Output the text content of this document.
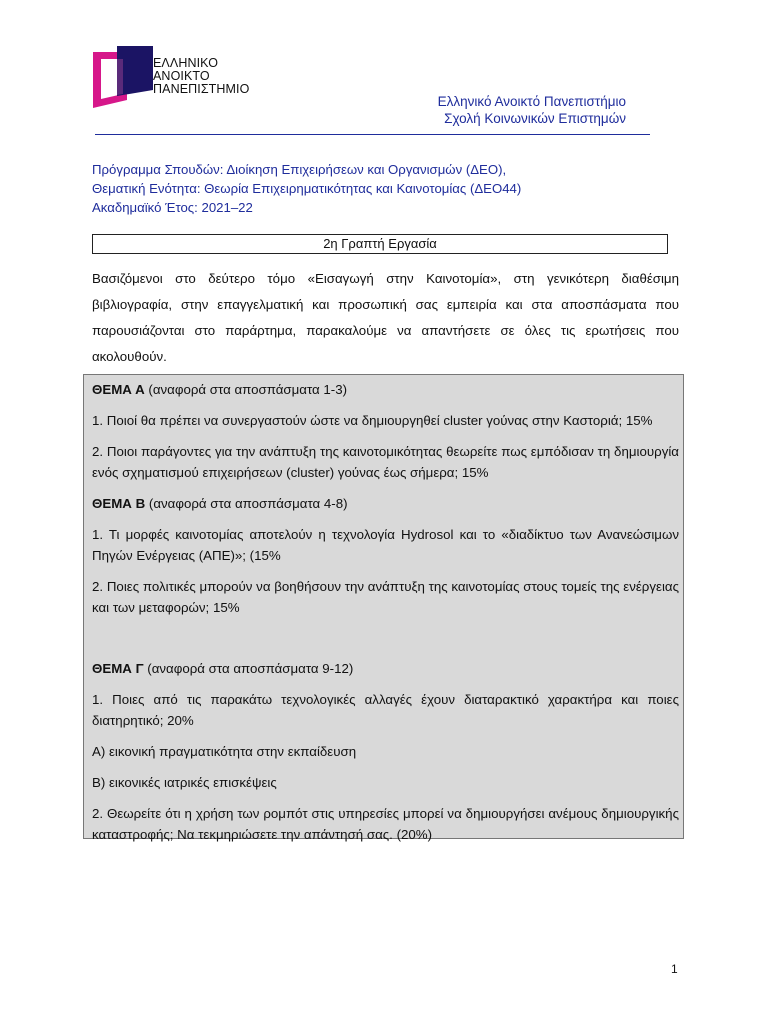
ΕΛΛΗΝΙΚΟ
ΑΝΟΙΚΤΟ
ΠΑΝΕΠΙΣΤΗΜΙΟ
Ελληνικό Ανοικτό Πανεπιστήμιο
Σχολή Κοινωνικών Επιστημών
Πρόγραμμα Σπουδών: Διοίκηση Επιχειρήσεων και Οργανισμών (ΔΕΟ),
Θεματική Ενότητα: Θεωρία Επιχειρηματικότητας και Καινοτομίας (ΔΕΟ44)
Ακαδημαϊκό Έτος: 2021–22
2η Γραπτή Εργασία
Βασιζόμενοι στο δεύτερο τόμο «Εισαγωγή στην Καινοτομία», στη γενικότερη διαθέσιμη βιβλιογραφία, στην επαγγελματική και προσωπική σας εμπειρία και στα αποσπάσματα που παρουσιάζονται στο παράρτημα, παρακαλούμε να απαντήσετε σε όλες τις ερωτήσεις που ακολουθούν.

ΘΕΜΑ Α (αναφορά στα αποσπάσματα 1-3)

1. Ποιοί θα πρέπει να συνεργαστούν ώστε να δημιουργηθεί cluster γούνας στην Καστοριά; 15%

2. Ποιοι παράγοντες για την ανάπτυξη της καινοτομικότητας θεωρείτε πως εμπόδισαν τη δημιουργία ενός σχηματισμού επιχειρήσεων (cluster) γούνας έως σήμερα; 15%

ΘΕΜΑ Β (αναφορά στα αποσπάσματα 4-8)

1. Τι μορφές καινοτομίας αποτελούν η τεχνολογία Hydrosol και το «διαδίκτυο των Ανανεώσιμων Πηγών Ενέργειας (ΑΠΕ)»; (15%

2. Ποιες πολιτικές μπορούν να βοηθήσουν την ανάπτυξη της καινοτομίας στους τομείς της ενέργειας και των μεταφορών; 15%

ΘΕΜΑ Γ (αναφορά στα αποσπάσματα 9-12)

1. Ποιες από τις παρακάτω τεχνολογικές αλλαγές έχουν διαταρακτικό χαρακτήρα και ποιες διατηρητικό; 20%

Α) εικονική πραγματικότητα στην εκπαίδευση

Β) εικονικές ιατρικές επισκέψεις

2. Θεωρείτε ότι η χρήση των ρομπότ στις υπηρεσίες μπορεί να δημιουργήσει ανέμους δημιουργικής καταστροφής; Να τεκμηριώσετε την απάντησή σας. (20%)

1
